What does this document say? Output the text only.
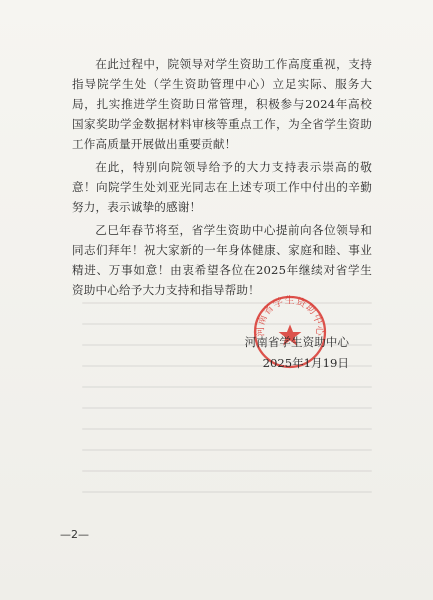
在此过程中，院领导对学生资助工作高度重视，支持指导院学生处（学生资助管理中心）立足实际、服务大局，扎实推进学生资助日常管理，积极参与2024年高校国家奖助学金数据材料审核等重点工作，为全省学生资助工作高质量开展做出重要贡献！

在此，特别向院领导给予的大力支持表示崇高的敬意！向院学生处刘亚光同志在上述专项工作中付出的辛勤努力，表示诚挚的感谢！

乙巳年春节将至，省学生资助中心提前向各位领导和同志们拜年！祝大家新的一年身体健康、家庭和睦、事业精进、万事如意！由衷希望各位在2025年继续对省学生资助中心给予大力支持和指导帮助！

河南省学生资助中心
河南省学生资助中心
2025年1月19日
—2—
